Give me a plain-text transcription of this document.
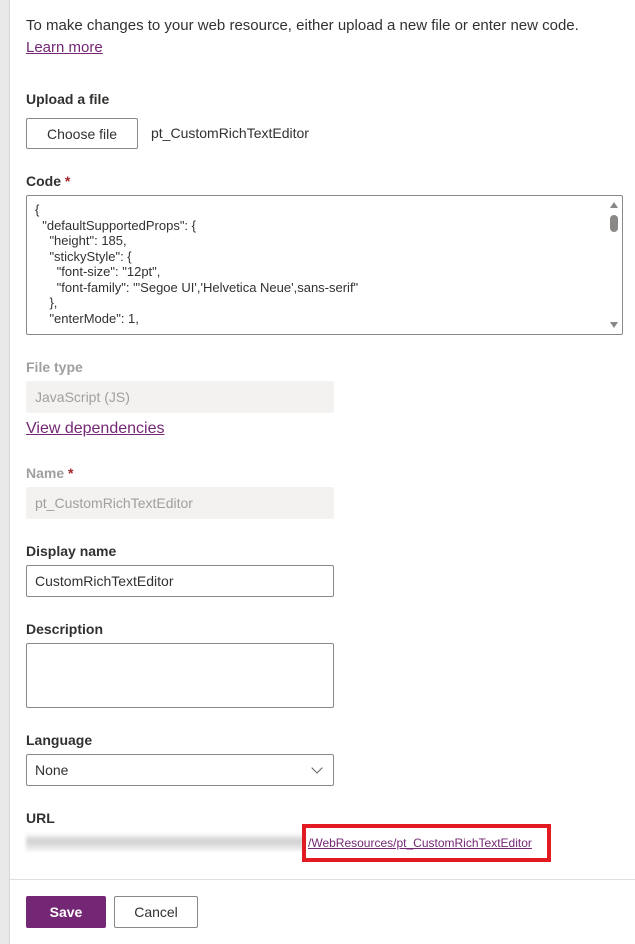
To make changes to your web resource, either upload a new file or enter new code.
Learn more
Upload a file
Choose file	pt_CustomRichTextEditor
Code *
{
"defaultSupportedProps": {
"height": 185,
"stickyStyle": {
"font-size": "12pt",
"font-family": "'Segoe UI','Helvetica Neue',sans-serif"
},
"enterMode": 1,

File type
JavaScript (JS)
View dependencies
Name *
pt_CustomRichTextEditor
Display name
CustomRichTextEditor
Description
Language
None
URL
/WebResources/pt_CustomRichTextEditor
Save	Cancel
